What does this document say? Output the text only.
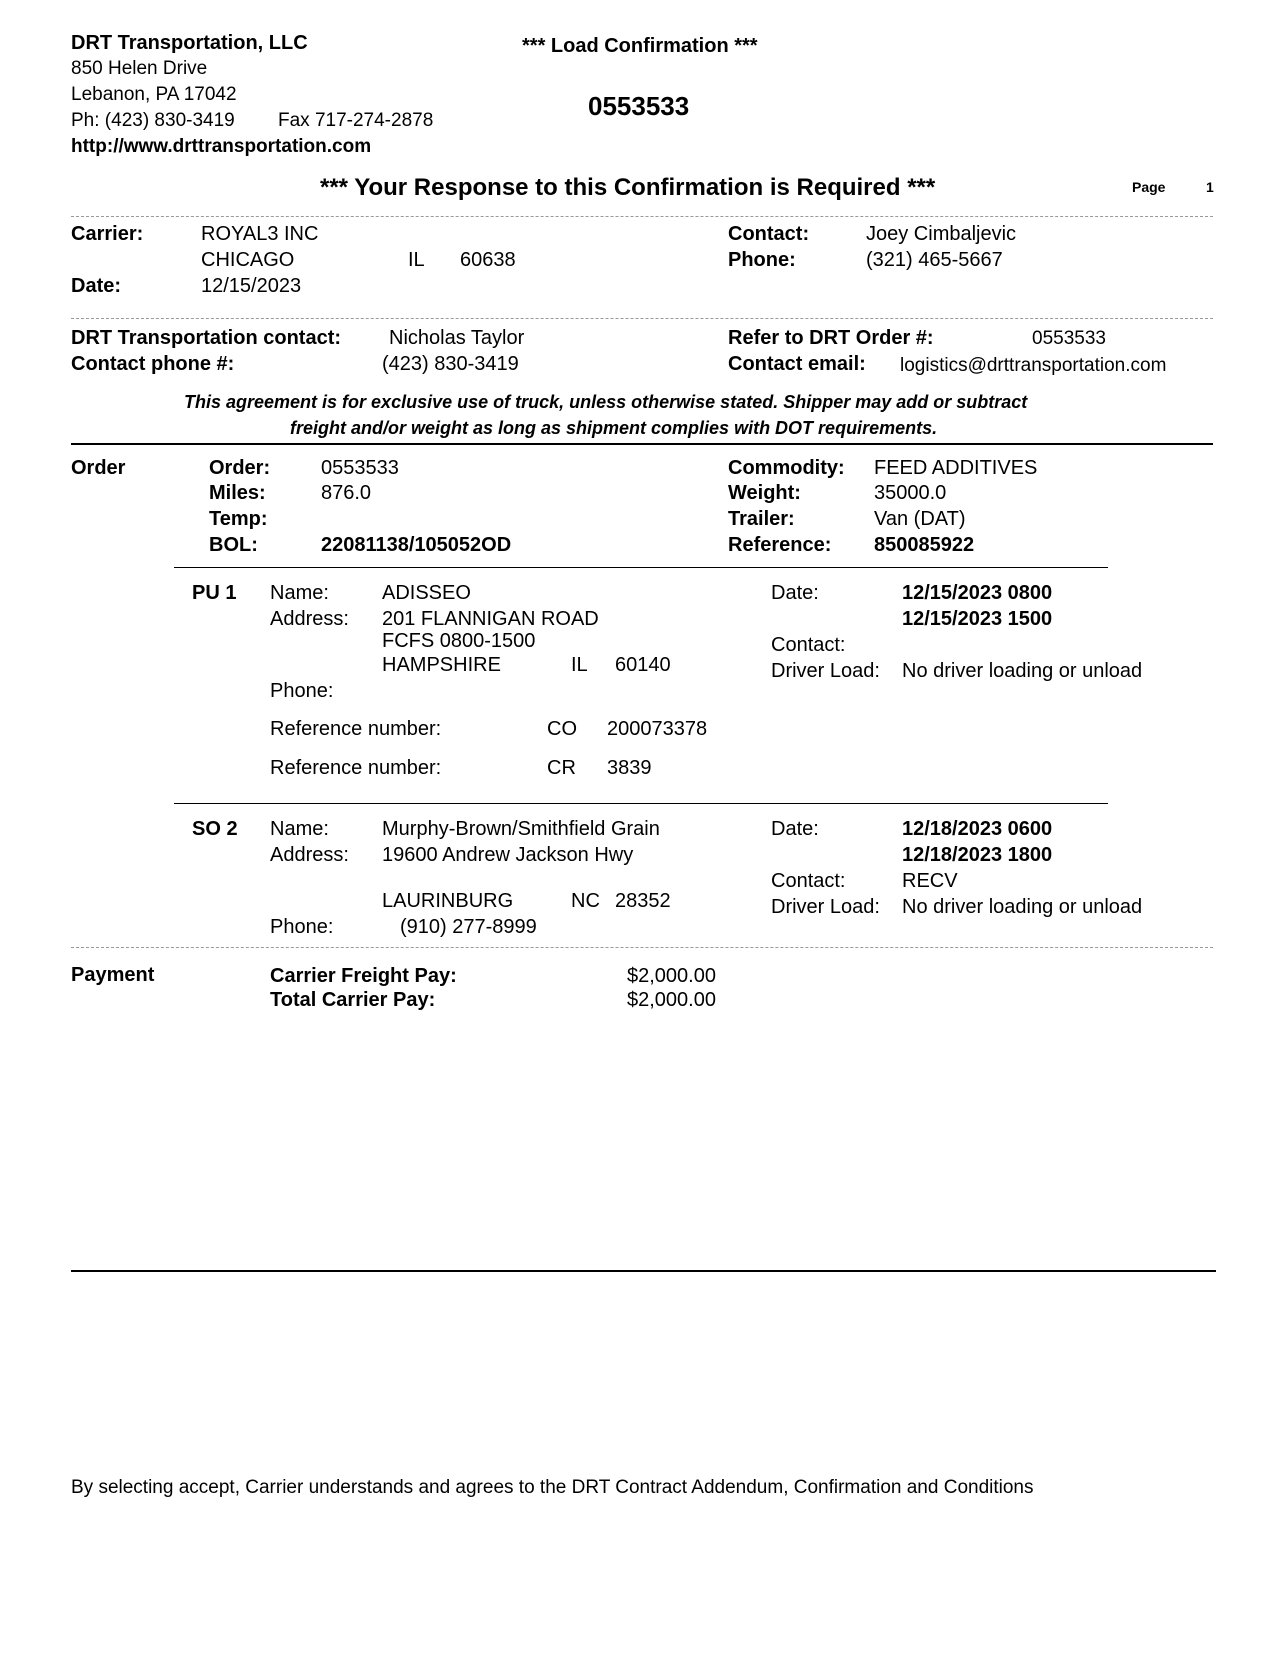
DRT Transportation, LLC
850 Helen Drive
Lebanon, PA 17042
Ph: (423) 830-3419 Fax 717-274-2878
http://www.drttransportation.com
*** Load Confirmation ***
0553533
*** Your Response to this Confirmation is Required ***	Page	1
Carrier:	ROYAL3 INC
CHICAGO	IL 60638
Date:	12/15/2023
Contact:	Joey Cimbaljevic
Phone:	(321) 465-5667
DRT Transportation contact: Nicholas Taylor
Contact phone #:	(423) 830-3419
Refer to DRT Order #:	0553533
Contact email: logistics@drttransportation.com
This agreement is for exclusive use of truck, unless otherwise stated. Shipper may add or subtract
freight and/or weight as long as shipment complies with DOT requirements.
Order	Order:	0553533
Miles:	876.0
Temp:
BOL:	22081138/105052OD
Commodity: FEED ADDITIVES
Weight:	35000.0
Trailer:	Van (DAT)
Reference: 850085922
PU 1 Name:	ADISSEO
Address: 201 FLANNIGAN ROAD
FCFS 0800-1500
HAMPSHIRE	IL 60140
Phone:
Reference number:	CO 200073378
Reference number:	CR 3839
Date:	12/15/2023 0800
12/15/2023 1500
Contact:
Driver Load: No driver loading or unload
SO 2 Name:	Murphy-Brown/Smithfield Grain
Address: 19600 Andrew Jackson Hwy
LAURINBURG	NC 28352
Phone:	(910) 277-8999
Date:	12/18/2023 0600
12/18/2023 1800
Contact:	RECV
Driver Load: No driver loading or unload
Payment	Carrier Freight Pay:	$2,000.00
Total Carrier Pay:	$2,000.00
By selecting accept, Carrier understands and agrees to the DRT Contract Addendum, Confirmation and Conditions
